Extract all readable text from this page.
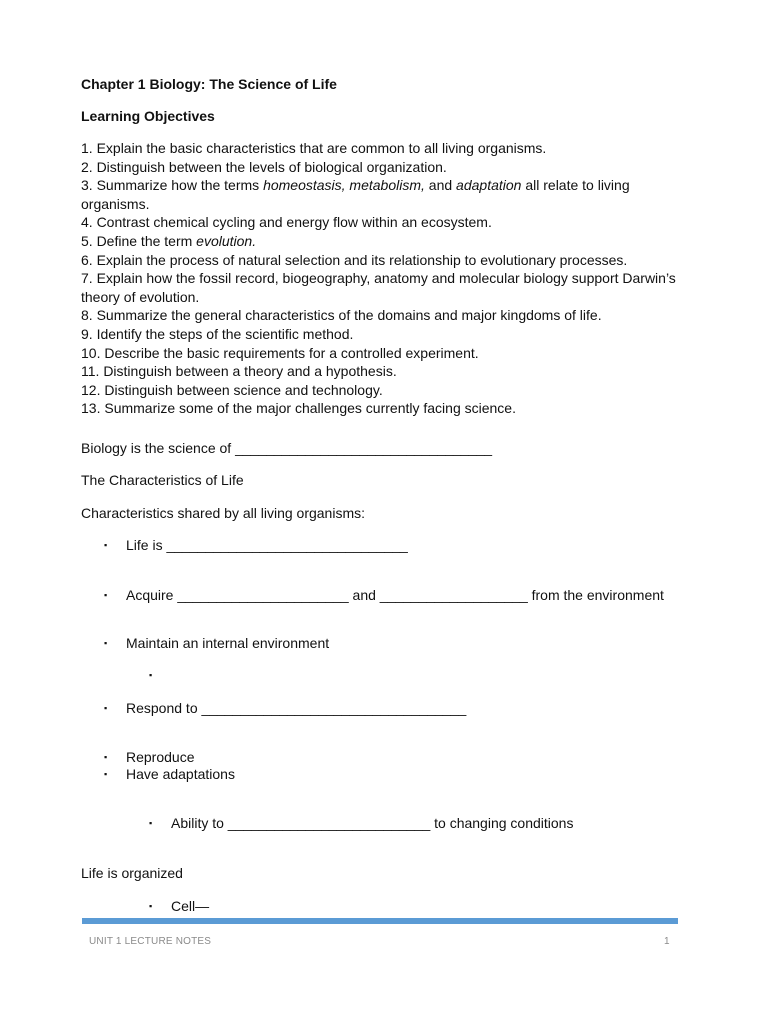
Chapter 1 Biology: The Science of Life
Learning Objectives
1. Explain the basic characteristics that are common to all living organisms.
2. Distinguish between the levels of biological organization.
3. Summarize how the terms homeostasis, metabolism, and adaptation all relate to living
organisms.
4. Contrast chemical cycling and energy flow within an ecosystem.
5. Define the term evolution.
6. Explain the process of natural selection and its relationship to evolutionary processes.
7. Explain how the fossil record, biogeography, anatomy and molecular biology support Darwin’s
theory of evolution.
8. Summarize the general characteristics of the domains and major kingdoms of life.
9. Identify the steps of the scientific method.
10. Describe the basic requirements for a controlled experiment.
11. Distinguish between a theory and a hypothesis.
12. Distinguish between science and technology.
13. Summarize some of the major challenges currently facing science.
Biology is the science of _________________________________
The Characteristics of Life
Characteristics shared by all living organisms:
▪ Life is _______________________________
▪ Acquire ______________________ and ___________________ from the environment
▪ Maintain an internal environment
▪
▪ Respond to __________________________________
▪ Reproduce
▪ Have adaptations
▪ Ability to __________________________ to changing conditions
Life is organized
▪ Cell—
UNIT 1 LECTURE NOTES	1
